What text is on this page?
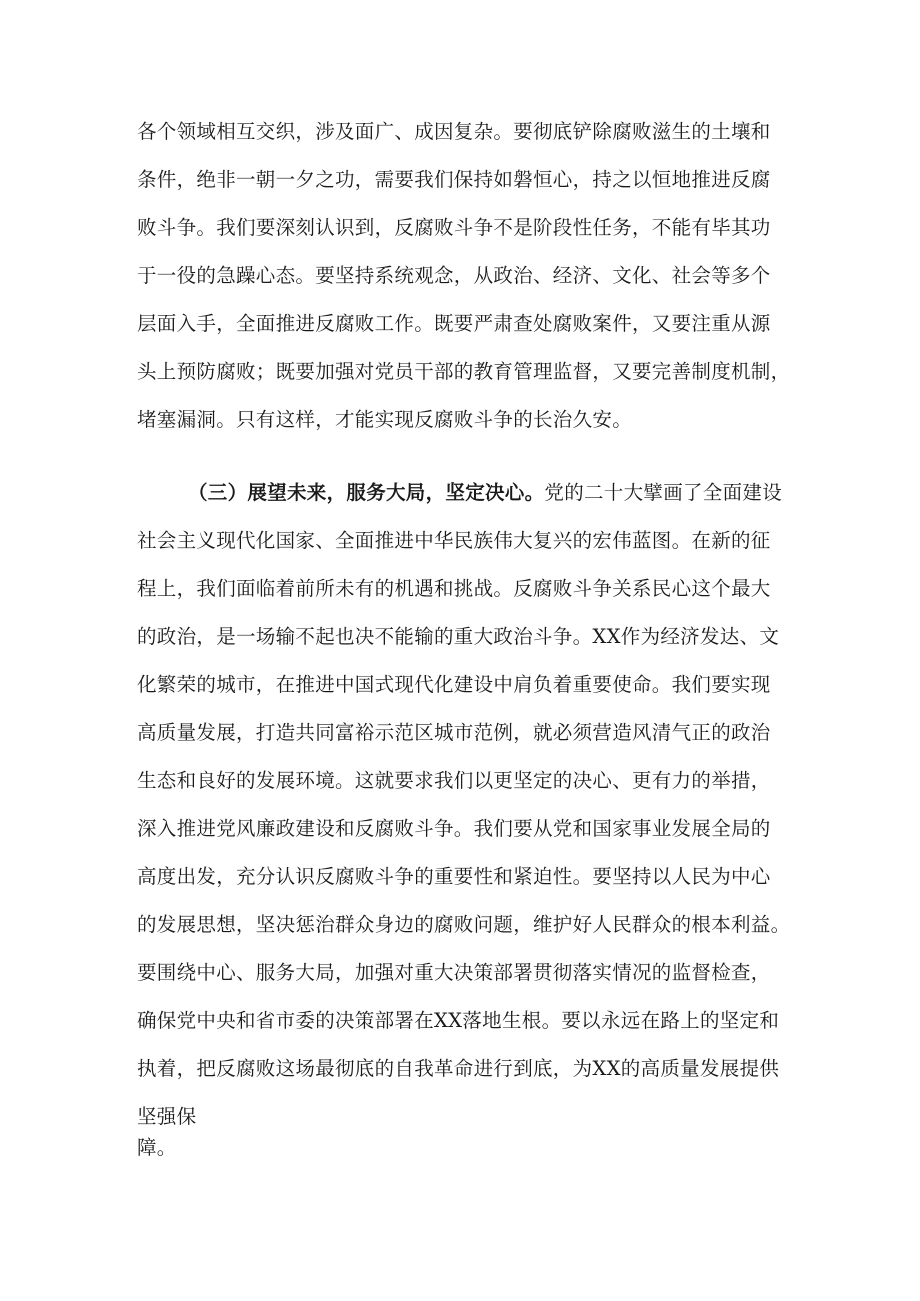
各个领域相互交织，涉及面广、成因复杂。要彻底铲除腐败滋生的土壤和
条件，绝非一朝一夕之功，需要我们保持如磐恒心，持之以恒地推进反腐
败斗争。我们要深刻认识到，反腐败斗争不是阶段性任务，不能有毕其功
于一役的急躁心态。要坚持系统观念，从政治、经济、文化、社会等多个
层面入手，全面推进反腐败工作。既要严肃查处腐败案件，又要注重从源
头上预防腐败；既要加强对党员干部的教育管理监督，又要完善制度机制，
堵塞漏洞。只有这样，才能实现反腐败斗争的长治久安。
（三）展望未来，服务大局，坚定决心。党的二十大擘画了全面建设
社会主义现代化国家、全面推进中华民族伟大复兴的宏伟蓝图。在新的征
程上，我们面临着前所未有的机遇和挑战。反腐败斗争关系民心这个最大
的政治，是一场输不起也决不能输的重大政治斗争。XX作为经济发达、文
化繁荣的城市，在推进中国式现代化建设中肩负着重要使命。我们要实现
高质量发展，打造共同富裕示范区城市范例，就必须营造风清气正的政治
生态和良好的发展环境。这就要求我们以更坚定的决心、更有力的举措，
深入推进党风廉政建设和反腐败斗争。我们要从党和国家事业发展全局的
高度出发，充分认识反腐败斗争的重要性和紧迫性。要坚持以人民为中心
的发展思想，坚决惩治群众身边的腐败问题，维护好人民群众的根本利益。
要围绕中心、服务大局，加强对重大决策部署贯彻落实情况的监督检查，
确保党中央和省市委的决策部署在XX落地生根。要以永远在路上的坚定和
执着，把反腐败这场最彻底的自我革命进行到底，为XX的高质量发展提供
坚强保
障。
